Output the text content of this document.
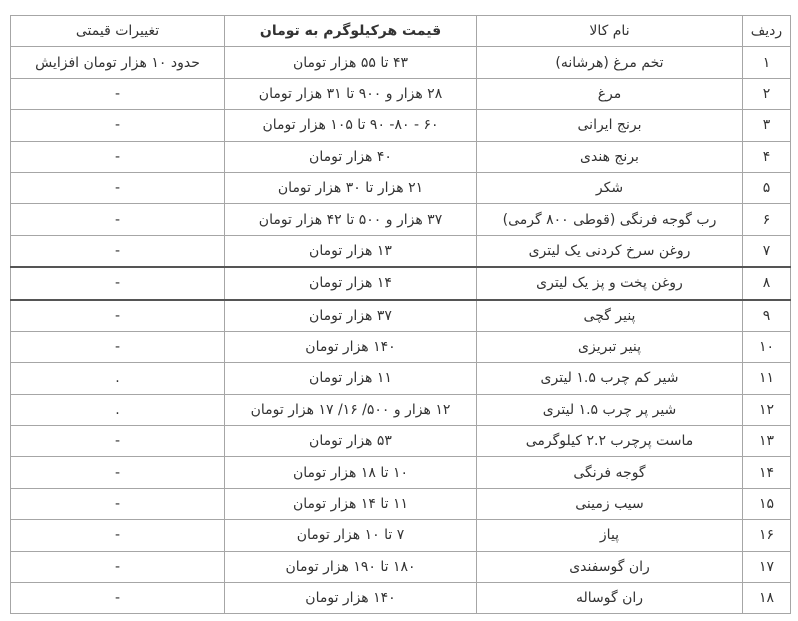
ردیف	نام کالا	قیمت هرکیلوگرم به تومان	تغییرات قیمتی
۱	تخم مرغ (هرشانه)	۴۳ تا ۵۵ هزار تومان	حدود ۱۰ هزار تومان افزایش
۲	مرغ	۲۸ هزار و ۹۰۰ تا ۳۱ هزار تومان	-
۳	برنج ایرانی	۶۰ - ۸۰- ۹۰ تا ۱۰۵ هزار تومان	-
۴	برنج هندی	۴۰ هزار تومان	-
۵	شکر	۲۱ هزار تا ۳۰ هزار تومان	-
۶	رب گوجه فرنگی (قوطی ۸۰۰ گرمی)	۳۷ هزار و ۵۰۰ تا ۴۲ هزار تومان	-
۷	روغن سرخ کردنی یک لیتری	۱۳ هزار تومان	-
۸	روغن پخت و پز یک لیتری	۱۴ هزار تومان	-
۹	پنیر گچی	۳۷ هزار تومان	-
۱۰	پنیر تبریزی	۱۴۰ هزار تومان	-
۱۱	شیر کم چرب ۱.۵ لیتری	۱۱ هزار تومان	.
۱۲	شیر پر چرب ۱.۵ لیتری	۱۲ هزار و ۵۰۰/ ۱۶/ ۱۷ هزار تومان	.
۱۳	ماست پرچرب ۲.۲ کیلوگرمی	۵۳ هزار تومان	-
۱۴	گوجه فرنگی	۱۰ تا ۱۸ هزار تومان	-
۱۵	سیب زمینی	۱۱ تا ۱۴ هزار تومان	-
۱۶	پیاز	۷ تا ۱۰ هزار تومان	-
۱۷	ران گوسفندی	۱۸۰ تا ۱۹۰ هزار تومان	-
۱۸	ران گوساله	۱۴۰ هزار تومان	-
